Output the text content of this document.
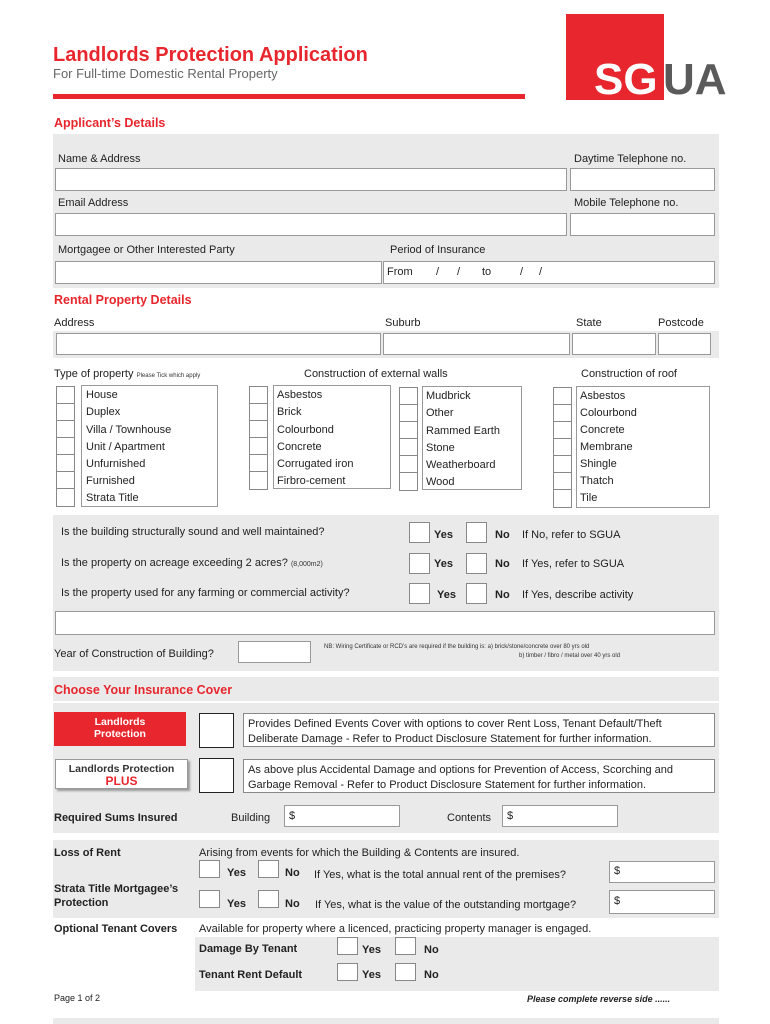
Landlords Protection Application
For Full-time Domestic Rental Property	SG UA
Applicant’s Details
Name & Address	Daytime Telephone no.
Email Address	Mobile Telephone no.
Mortgagee or Other Interested Party	Period of Insurance
From / / to	/ /
Rental Property Details
Address	Suburb	State	Postcode
Type of property Please Tick which apply	Construction of external walls	Construction of roof
House
Duplex
Villa / Townhouse
Unit / Apartment
Unfurnished
Furnished
Strata Title
Asbestos
Brick
Colourbond
Concrete
Corrugated iron
Firbro-cement
Mudbrick
Other
Rammed Earth
Stone
Weatherboard
Wood
Asbestos
Colourbond
Concrete
Membrane
Shingle
Thatch
Tile
Is the building structurally sound and well maintained?	Yes	No If No, refer to SGUA
Is the property on acreage exceeding 2 acres? (8,000m2)	Yes	No If Yes, refer to SGUA
Is the property used for any farming or commercial activity?	Yes	No If Yes, describe activity
Year of Construction of Building?
NB: Wiring Certificate or RCD’s are required if the building is: a) brick/stone/concrete over 80 yrs old
b) timber / fibro / metal over 40 yrs old
Choose Your Insurance Cover
Landlords
Protection
Provides Defined Events Cover with options to cover Rent Loss, Tenant Default/Theft
Deliberate Damage - Refer to Product Disclosure Statement for further information.
Landlords Protection
PLUS
As above plus Accidental Damage and options for Prevention of Access, Scorching and
Garbage Removal - Refer to Product Disclosure Statement for further information.
Required Sums Insured	Building $	Contents $
Loss of Rent	Arising from events for which the Building & Contents are insured.
Yes	No If Yes, what is the total annual rent of the premises?	$
Strata Title Mortgagee’s
Protection	Yes	No If Yes, what is the value of the outstanding mortgage?	$
Optional Tenant Covers Available for property where a licenced, practicing property manager is engaged.
Damage By Tenant	Yes	No
Tenant Rent Default	Yes	No
Page 1 of 2	Please complete reverse side ......
